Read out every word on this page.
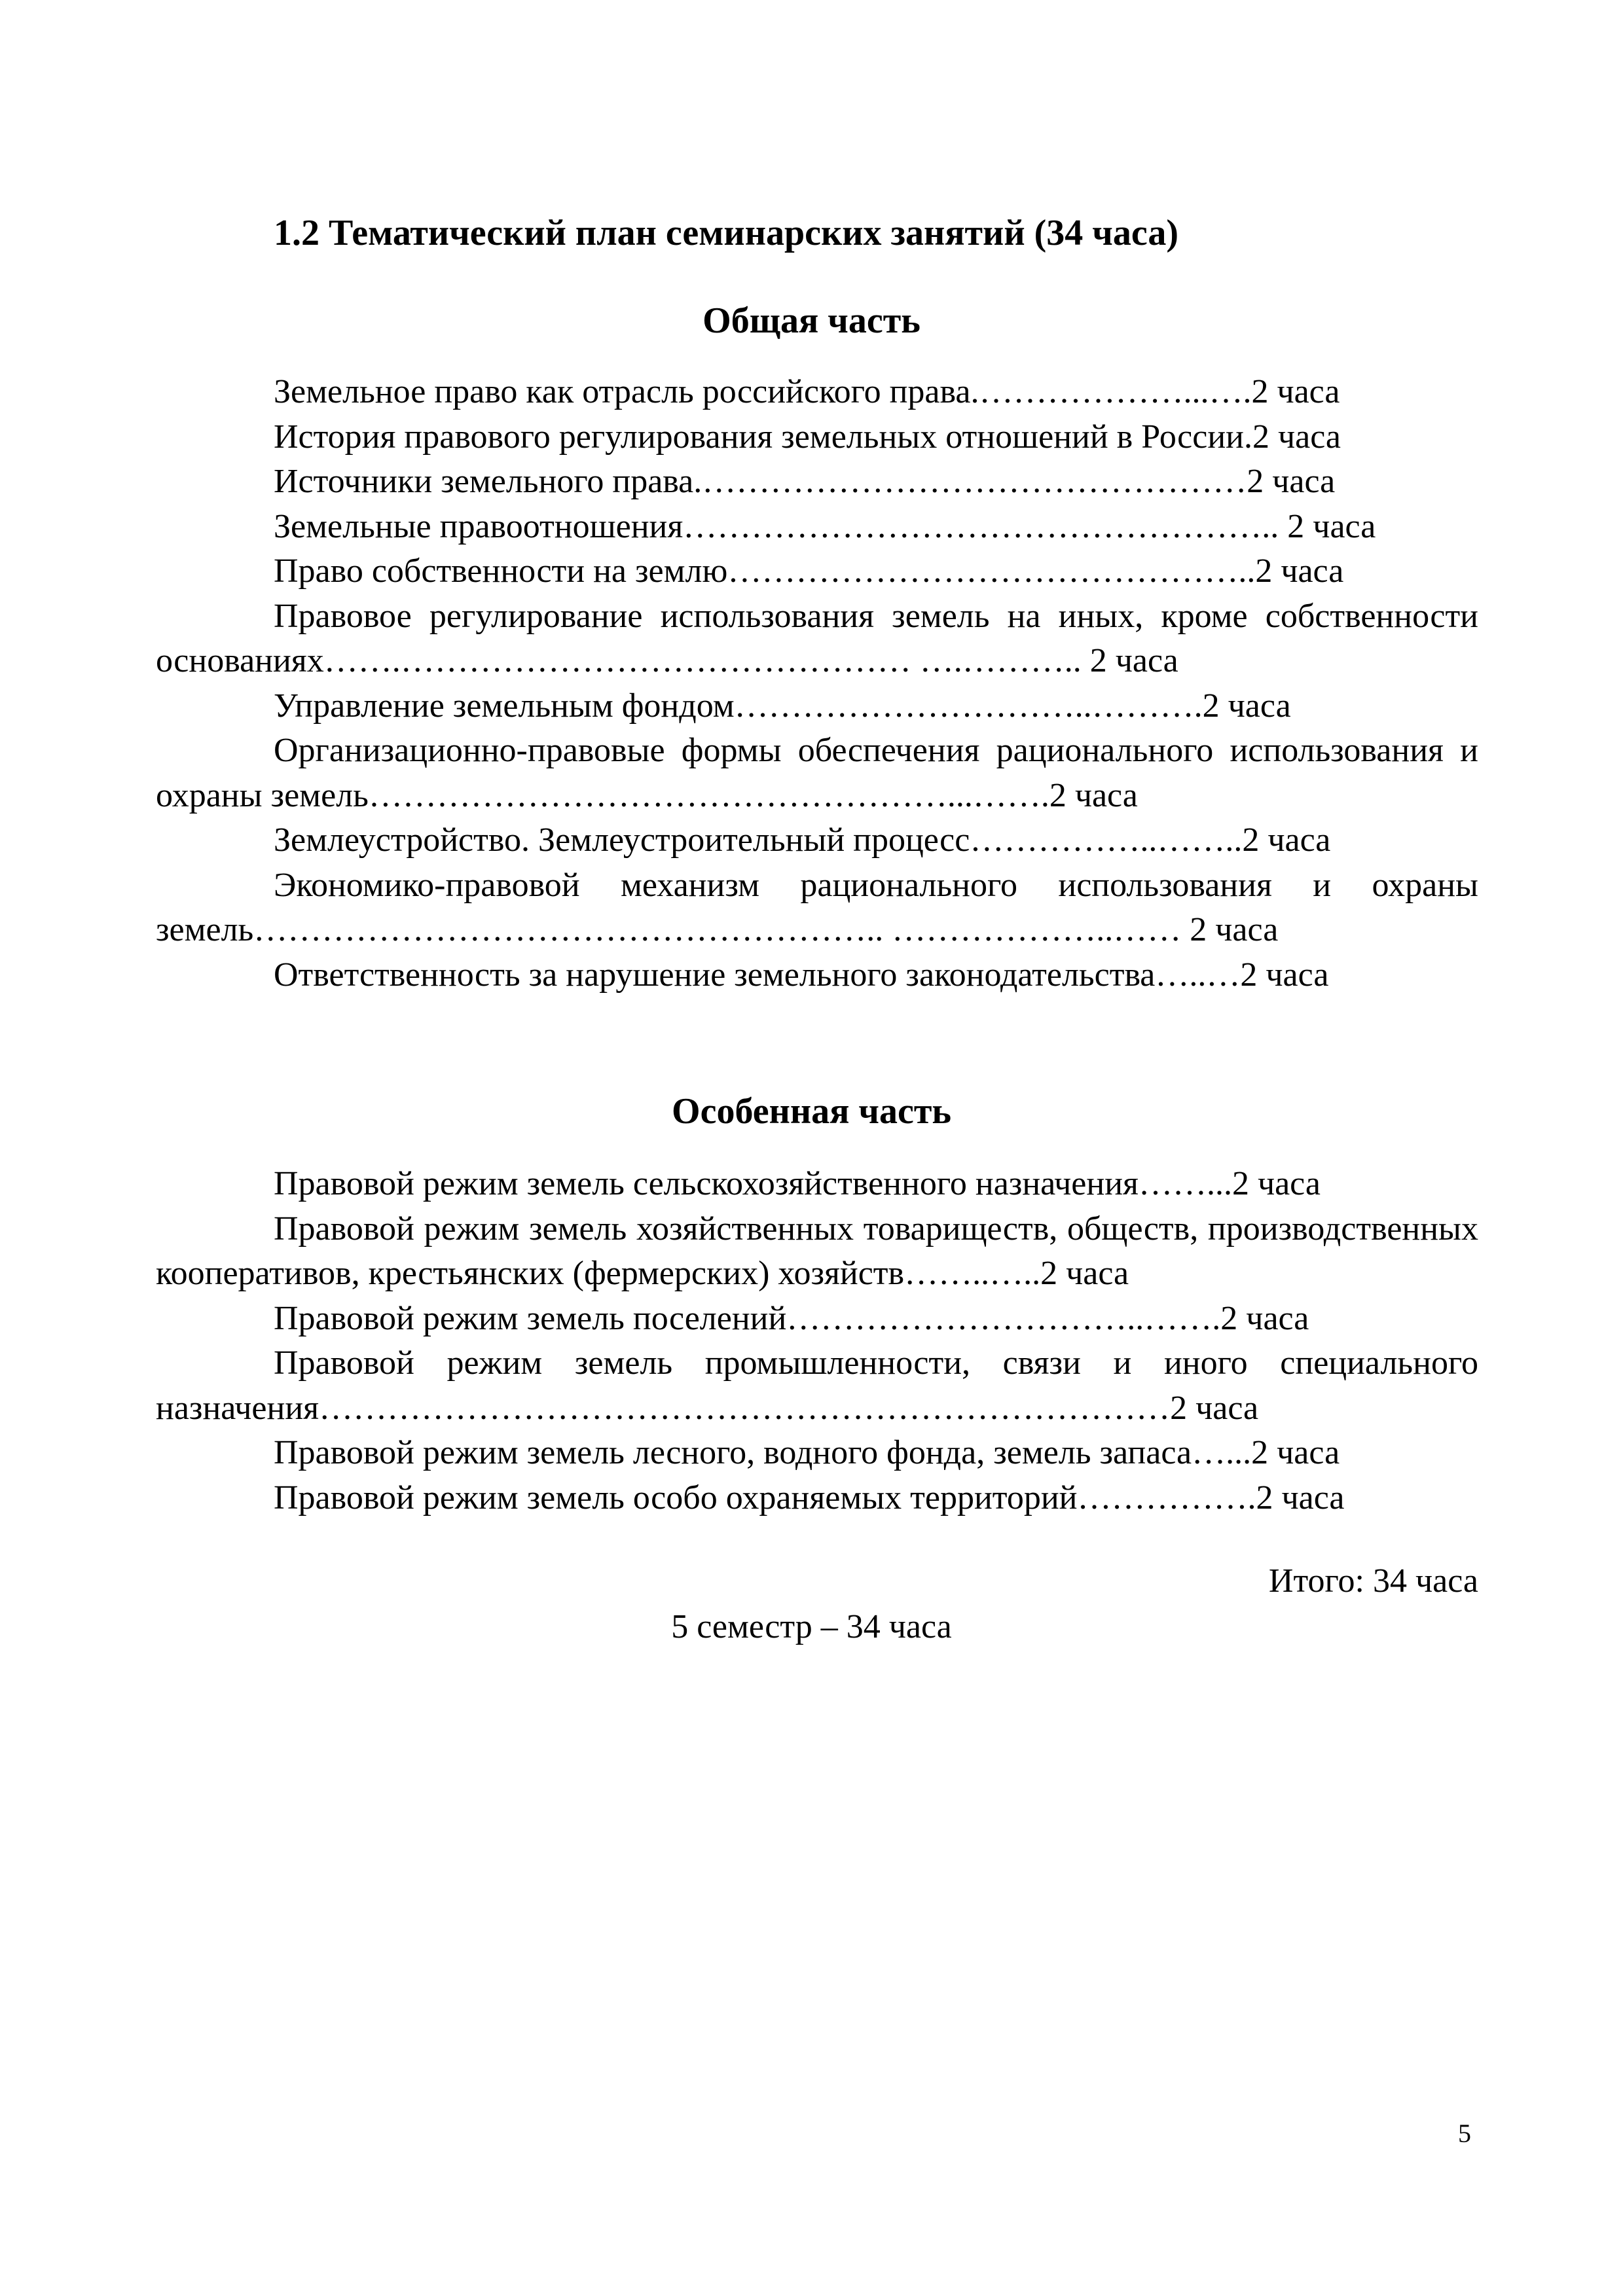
1.2 Тематический план семинарских занятий (34 часа)
Общая часть
Земельное право как отрасль российского права.………………...….2 часа
История правового регулирования земельных отношений в России.2 часа
Источники земельного права.…………………………………………2 часа
Земельные правоотношения…………………………………………….. 2 часа
Право собственности на землю………………………………………..2 часа
Правовое регулирование использования земель на иных, кроме собственности основаниях…….……………………………………… ….……….. 2 часа
Управление земельным фондом…………………………..……….2 часа
Организационно-правовые формы обеспечения рационального использования и охраны земель……………………………………………...…….2 часа
Землеустройство. Землеустроительный процесс……………..……..2 часа
Экономико-правовой механизм рационального использования и охраны земель……………………………………………….. ………………..…… 2 часа
Ответственность за нарушение земельного законодательства…..…2 часа
Особенная часть
Правовой режим земель сельскохозяйственного назначения……...2 часа
Правовой режим земель хозяйственных товариществ, обществ, производственных кооперативов, крестьянских (фермерских) хозяйств……..…..2 часа
Правовой режим земель поселений…………………………..…….2 часа
Правовой режим земель промышленности, связи и иного специального назначения…………………………………………………………………2 часа
Правовой режим земель лесного, водного фонда, земель запаса…...2 часа
Правовой режим земель особо охраняемых территорий…………….2 часа
Итого: 34 часа
5 семестр – 34 часа
5
